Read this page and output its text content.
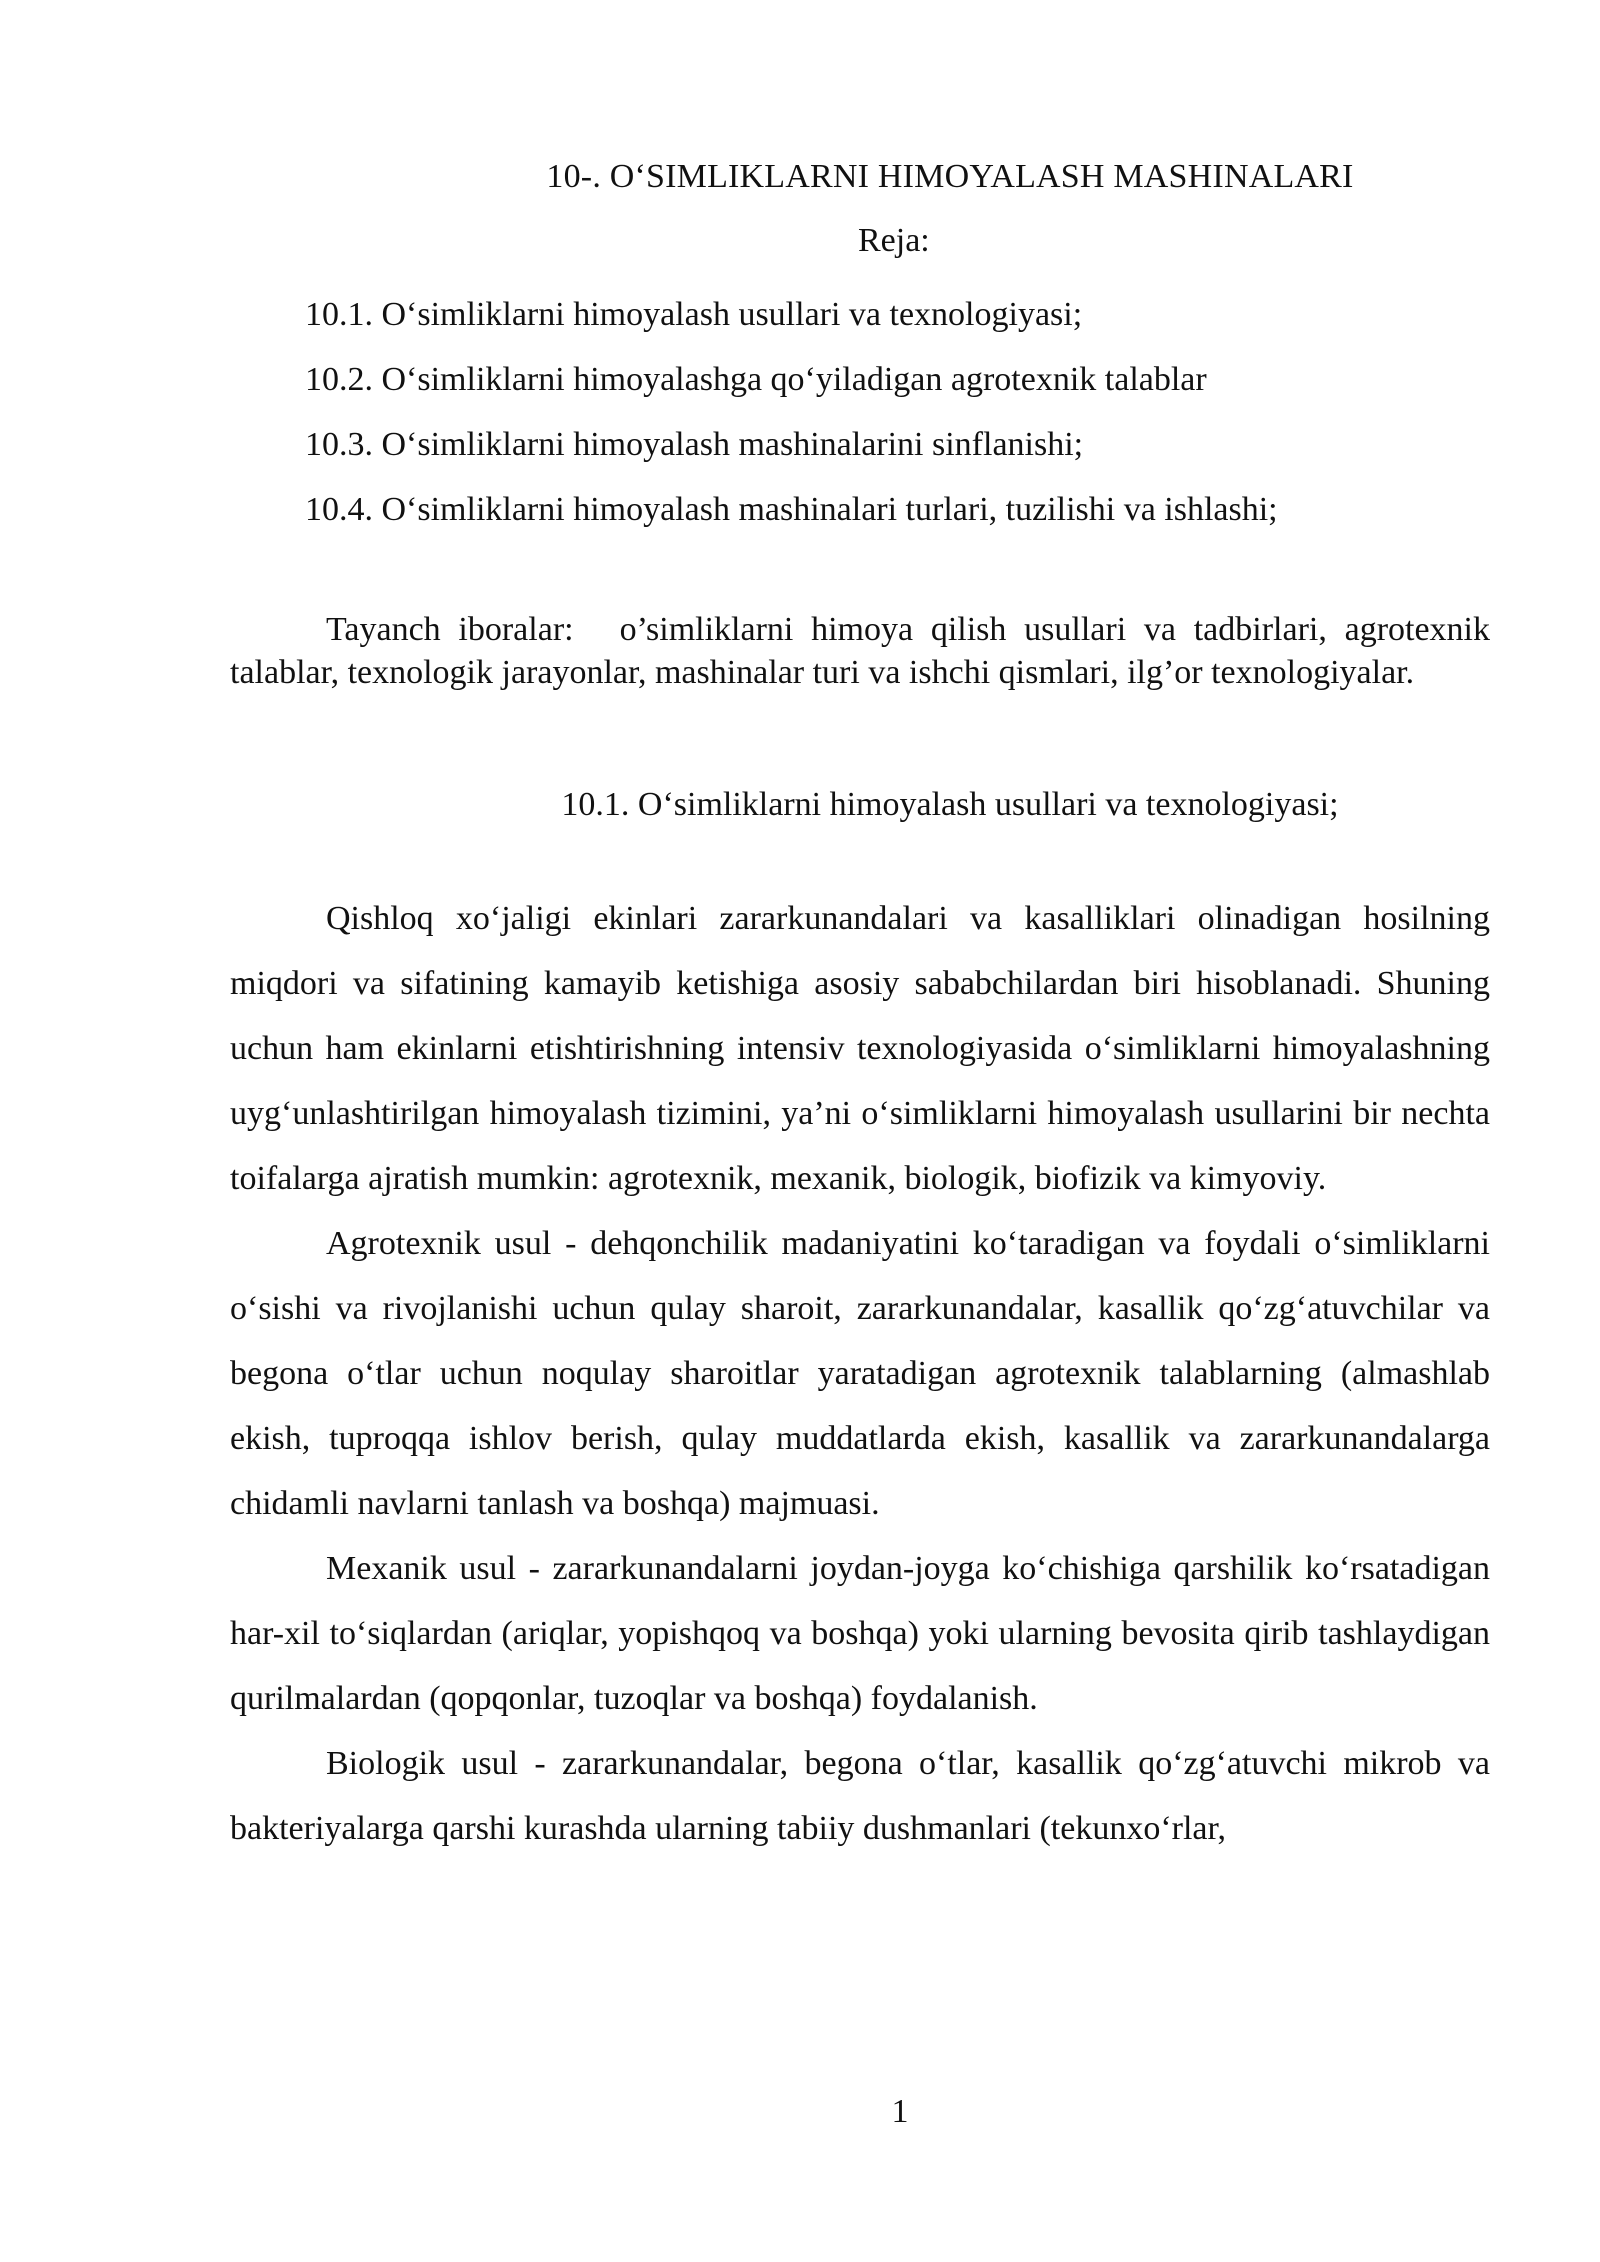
10-. O‘SIMLIKLARNI HIMOYALASH MASHINALARI
Reja:
10.1. O‘simliklarni himoyalash usullari va texnologiyasi;
10.2. O‘simliklarni himoyalashga qo‘yiladigan agrotexnik talablar
10.3. O‘simliklarni himoyalash mashinalarini sinflanishi;
10.4. O‘simliklarni himoyalash mashinalari turlari, tuzilishi va ishlashi;

Tayanch iboralar: o’simliklarni himoya qilish usullari va tadbirlari, agrotexnik talablar, texnologik jarayonlar, mashinalar turi va ishchi qismlari, ilg’or texnologiyalar.

10.1. O‘simliklarni himoyalash usullari va texnologiyasi;

Qishloq xo‘jaligi ekinlari zararkunandalari va kasalliklari olinadigan hosilning miqdori va sifatining kamayib ketishiga asosiy sababchilardan biri hisoblanadi. Shuning uchun ham ekinlarni etishtirishning intensiv texnologiyasida o‘simliklarni himoyalashning uyg‘unlashtirilgan himoyalash tizimini, ya’ni o‘simliklarni himoyalash usullarini bir nechta toifalarga ajratish mumkin: agrotexnik, mexanik, biologik, biofizik va kimyoviy.

Agrotexnik usul - dehqonchilik madaniyatini ko‘taradigan va foydali o‘simliklarni o‘sishi va rivojlanishi uchun qulay sharoit, zararkunandalar, kasallik qo‘zg‘atuvchilar va begona o‘tlar uchun noqulay sharoitlar yaratadigan agrotexnik talablarning (almashlab ekish, tuproqqa ishlov berish, qulay muddatlarda ekish, kasallik va zararkunandalarga chidamli navlarni tanlash va boshqa) majmuasi.

Mexanik usul - zararkunandalarni joydan-joyga ko‘chishiga qarshilik ko‘rsatadigan har-xil to‘siqlardan (ariqlar, yopishqoq va boshqa) yoki ularning bevosita qirib tashlaydigan qurilmalardan (qopqonlar, tuzoqlar va boshqa) foydalanish.

Biologik usul - zararkunandalar, begona o‘tlar, kasallik qo‘zg‘atuvchi mikrob va bakteriyalarga qarshi kurashda ularning tabiiy dushmanlari (tekunxo‘rlar,

1
